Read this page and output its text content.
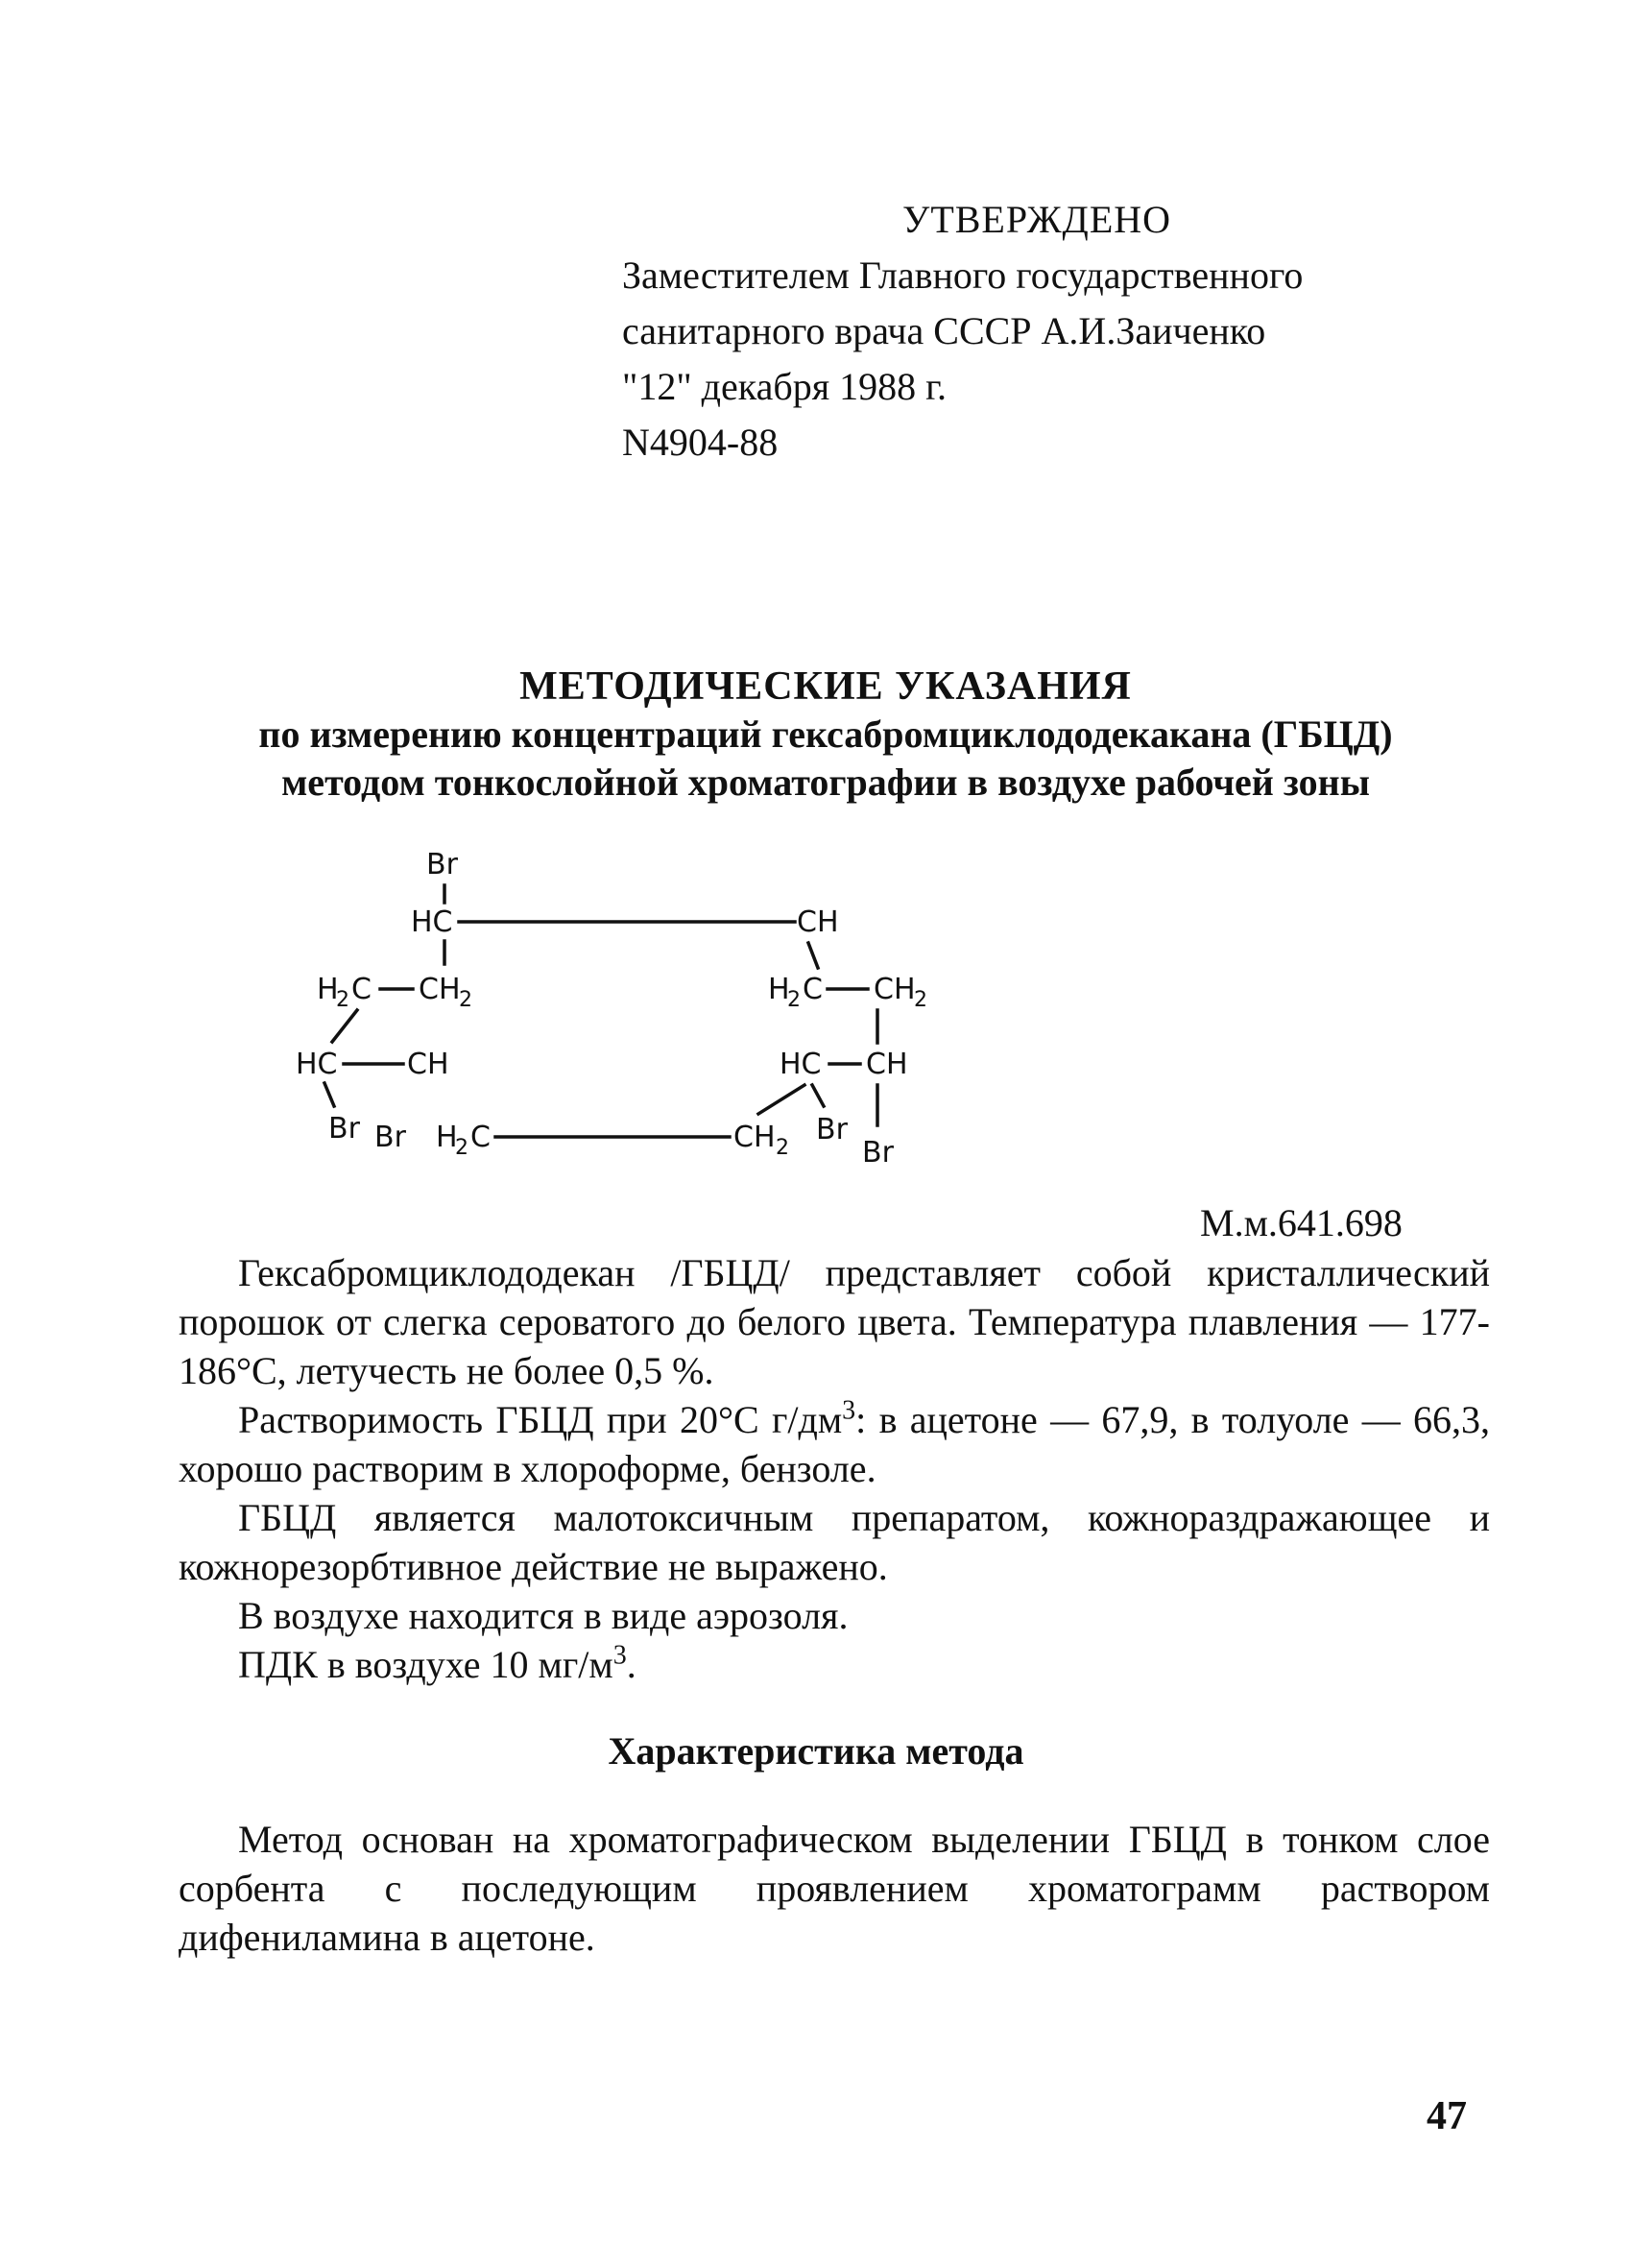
УТВЕРЖДЕНО
Заместителем Главного государственного
санитарного врача СССР А.И.Заиченко
"12" декабря 1988 г.
N4904-88
МЕТОДИЧЕСКИЕ УКАЗАНИЯ
по измерению концентраций гексабромциклододекакана (ГБЦД)
методом тонкослойной хроматографии в воздухе рабочей зоны
Br
HC	CH
H
2 C CH
2	H
2 C CH
2
HC CH
Br Br H
2 C	CH 2
HC CH
Br
Br
М.м.641.698

Гексабромциклододекан /ГБЦД/ представляет собой кристаллический порошок от слегка сероватого до белого цвета. Температура плавления — 177-186°С, летучесть не более 0,5 %.

Растворимость ГБЦД при 20°С $г/дм^3$: в ацетоне — 67,9, в толуоле — 66,3, хорошо растворим в хлороформе, бензоле.

ГБЦД является малотоксичным препаратом, кожнораздражающее и кожнорезорбтивное действие не выражено.

В воздухе находится в виде аэрозоля.

ПДК в воздухе 10 $мг/м^3$.

Характеристика метода

Метод основан на хроматографическом выделении ГБЦД в тонком слое сорбента с последующим проявлением хроматограмм раствором дифениламина в ацетоне.

47
